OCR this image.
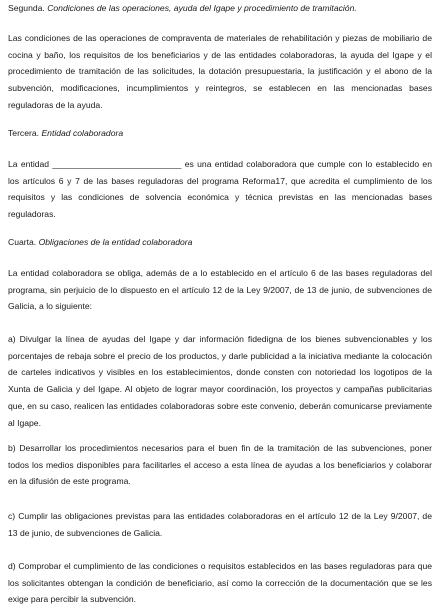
Segunda. Condiciones de las operaciones, ayuda del Igape y procedimiento de tramitación.

Las condiciones de las operaciones de compraventa de materiales de rehabilitación y piezas de mobiliario de cocina y baño, los requisitos de los beneficiarios y de las entidades colaboradoras, la ayuda del Igape y el procedimiento de tramitación de las solicitudes, la dotación presupuestaria, la justificación y el abono de la subvención, modificaciones, incumplimientos y reintegros, se establecen en las mencionadas bases reguladoras de la ayuda.

Tercera. Entidad colaboradora

La entidad ___________________________ es una entidad colaboradora que cumple con lo establecido en los artículos 6 y 7 de las bases reguladoras del programa Reforma17, que acredita el cumplimiento de los requisitos y las condiciones de solvencia económica y técnica previstas en las mencionadas bases reguladoras.

Cuarta. Obligaciones de la entidad colaboradora

La entidad colaboradora se obliga, además de a lo establecido en el artículo 6 de las bases reguladoras del programa, sin perjuicio de lo dispuesto en el artículo 12 de la Ley 9/2007, de 13 de junio, de subvenciones de Galicia, a lo siguiente:

a) Divulgar la línea de ayudas del Igape y dar información fidedigna de los bienes subvencionables y los porcentajes de rebaja sobre el precio de los productos, y darle publicidad a la iniciativa mediante la colocación de carteles indicativos y visibles en los establecimientos, donde consten con notoriedad los logotipos de la Xunta de Galicia y del Igape. Al objeto de lograr mayor coordinación, los proyectos y campañas publicitarias que, en su caso, realicen las entidades colaboradoras sobre este convenio, deberán comunicarse previamente al Igape.

b) Desarrollar los procedimientos necesarios para el buen fin de la tramitación de las subvenciones, poner todos los medios disponibles para facilitarles el acceso a esta línea de ayudas a los beneficiarios y colaborar en la difusión de este programa.

c) Cumplir las obligaciones previstas para las entidades colaboradoras en el artículo 12 de la Ley 9/2007, de 13 de junio, de subvenciones de Galicia.

d) Comprobar el cumplimiento de las condiciones o requisitos establecidos en las bases reguladoras para que los solicitantes obtengan la condición de beneficiario, así como la corrección de la documentación que se les exige para percibir la subvención.
